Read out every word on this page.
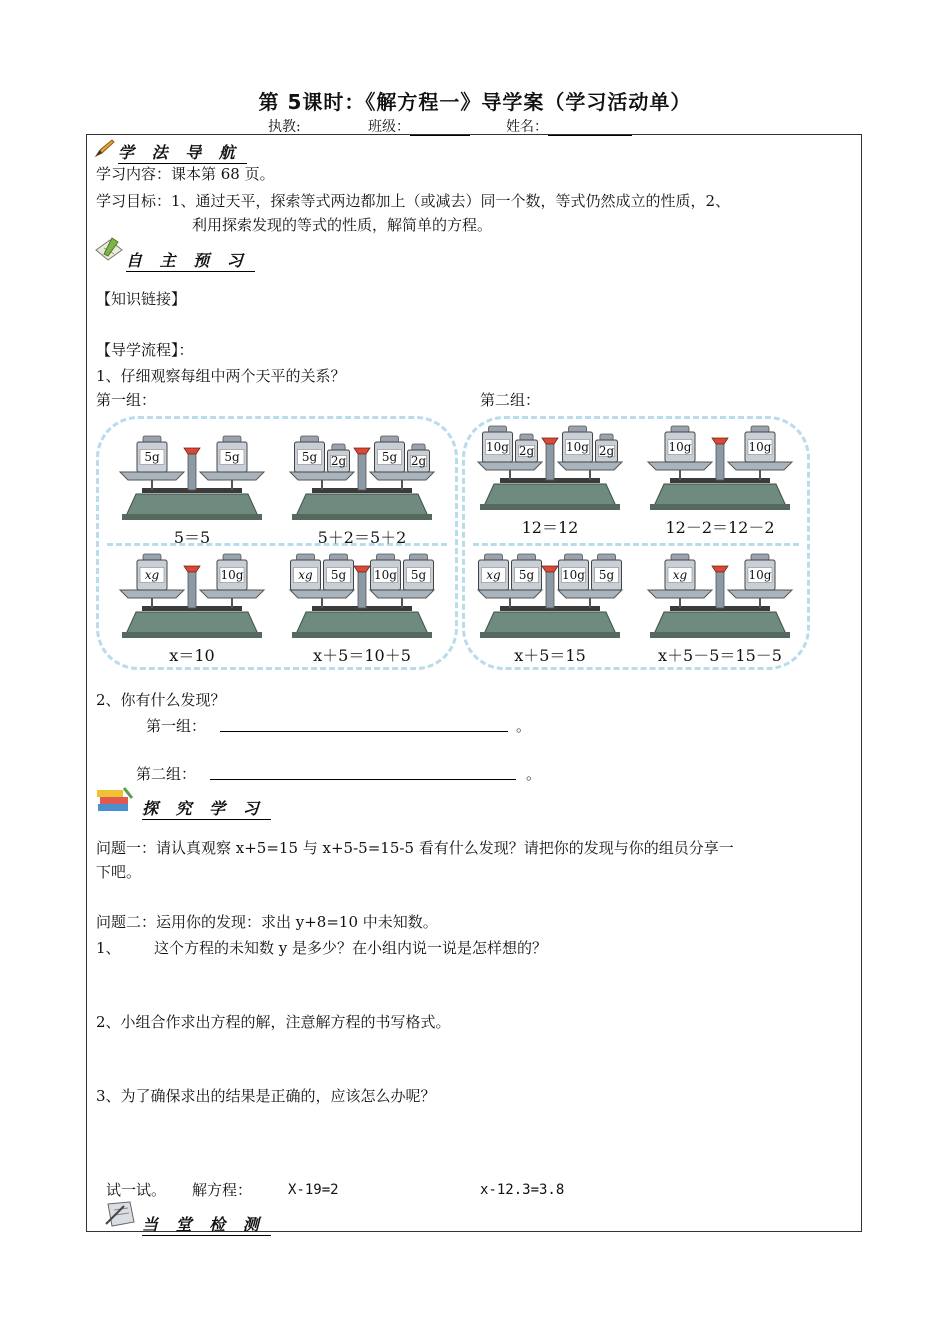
第 5课时：《解方程一》导学案（学习活动单）
执教:	班级：	姓名：
学 法 导 航
学习内容：课本第 68 页。
学习目标：1、通过天平，探索等式两边都加上（或减去）同一个数，等式仍然成立的性质，2、
利用探索发现的等式的性质，解简单的方程。
自 主 预 习
【知识链接】
【导学流程】：
1、仔细观察每组中两个天平的关系？
第一组：	第二组：
5g	5g
5＝5
5g 2g	5g 2g
5＋2＝5＋2
xg	10g
x＝10
xg 5g 10g 5g
x＋5＝10＋5
10g 2g	10g 2g
12＝12
10g	10g
12－2＝12－2
xg 5g 10g 5g
x＋5＝15
xg	10g
x＋5－5＝15－5
2、你有什么发现？
第一组：	。
第二组：	。
探 究 学 习
问题一：请认真观察 x+5=15 与 x+5-5=15-5 看有什么发现？请把你的发现与你的组员分享一
下吧。
问题二：运用你的发现：求出 y+8=10 中未知数。
1、 这个方程的未知数 y 是多少？在小组内说一说是怎样想的？
2、小组合作求出方程的解，注意解方程的书写格式。
3、为了确保求出的结果是正确的，应该怎么办呢？
试一试。 解方程：	X-19=2	x-12.3=3.8
当 堂 检 测
